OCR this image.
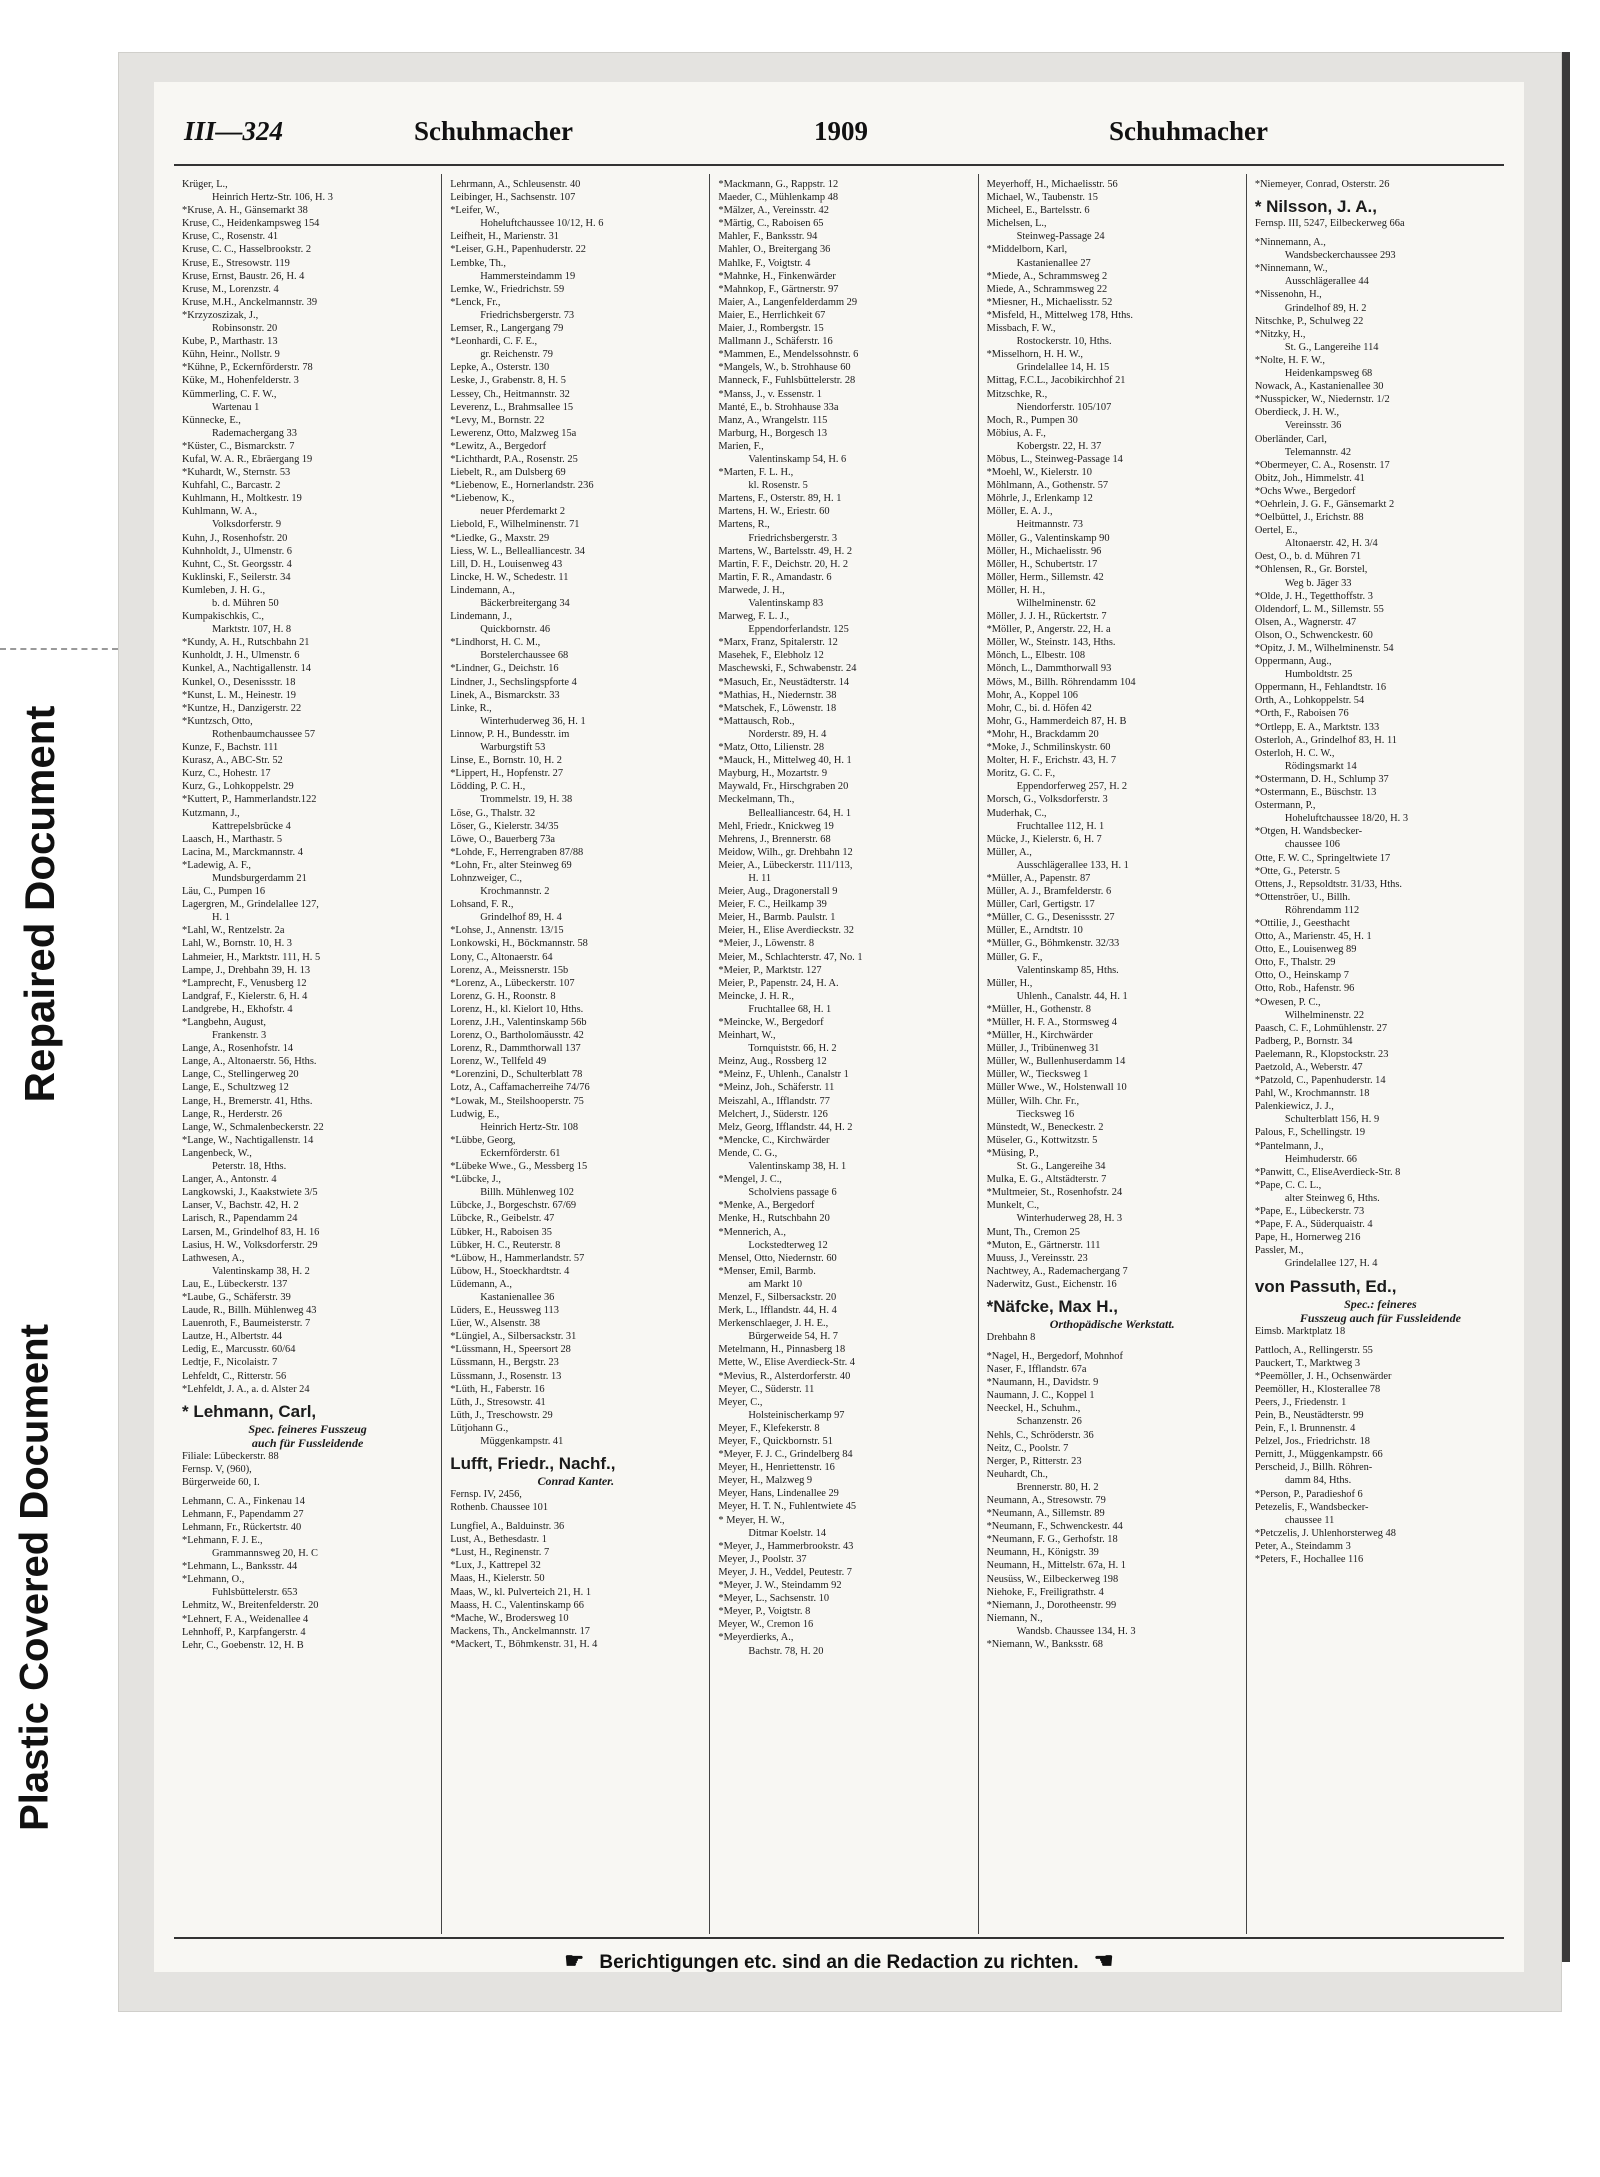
Repaired Document
Plastic Covered Document
III—324	Schuhmacher	1909	Schuhmacher
Krüger, L.,
Heinrich Hertz-Str. 106, H. 3
*Kruse, A. H., Gänsemarkt 38
Kruse, C., Heidenkampsweg 154
Kruse, C., Rosenstr. 41
Kruse, C. C., Hasselbrookstr. 2
Kruse, E., Stresowstr. 119
Kruse, Ernst, Baustr. 26, H. 4
Kruse, M., Lorenzstr. 4
Kruse, M.H., Anckelmannstr. 39
*Krzyzoszizak, J.,
Robinsonstr. 20
Kube, P., Marthastr. 13
Kühn, Heinr., Nollstr. 9
*Kühne, P., Eckernförderstr. 78
Küke, M., Hohenfelderstr. 3
Kümmerling, C. F. W.,
Wartenau 1
Künnecke, E.,
Rademachergang 33
*Küster, C., Bismarckstr. 7
Kufal, W. A. R., Ebräergang 19
*Kuhardt, W., Sternstr. 53
Kuhfahl, C., Barcastr. 2
Kuhlmann, H., Moltkestr. 19
Kuhlmann, W. A.,
Volksdorferstr. 9
Kuhn, J., Rosenhofstr. 20
Kuhnholdt, J., Ulmenstr. 6
Kuhnt, C., St. Georgsstr. 4
Kuklinski, F., Seilerstr. 34
Kumleben, J. H. G.,
b. d. Mühren 50
Kumpakischkis, C.,
Marktstr. 107, H. 8
*Kundy, A. H., Rutschbahn 21
Kunholdt, J. H., Ulmenstr. 6
Kunkel, A., Nachtigallenstr. 14
Kunkel, O., Desenissstr. 18
*Kunst, L. M., Heinestr. 19
*Kuntze, H., Danzigerstr. 22
*Kuntzsch, Otto,
Rothenbaumchaussee 57
Kunze, F., Bachstr. 111
Kurasz, A., ABC-Str. 52
Kurz, C., Hohestr. 17
Kurz, G., Lohkoppelstr. 29
*Kuttert, P., Hammerlandstr.122
Kutzmann, J.,
Kattrepelsbrücke 4
Laasch, H., Marthastr. 5
Lacina, M., Marckmannstr. 4
*Ladewig, A. F.,
Mundsburgerdamm 21
Läu, C., Pumpen 16
Lagergren, M., Grindelallee 127,
H. 1
*Lahl, W., Rentzelstr. 2a
Lahl, W., Bornstr. 10, H. 3
Lahmeier, H., Marktstr. 111, H. 5
Lampe, J., Drehbahn 39, H. 13
*Lamprecht, F., Venusberg 12
Landgraf, F., Kielerstr. 6, H. 4
Landgrebe, H., Ekhofstr. 4
*Langbehn, August,
Frankenstr. 3
Lange, A., Rosenhofstr. 14
Lange, A., Altonaerstr. 56, Hths.
Lange, C., Stellingerweg 20
Lange, E., Schultzweg 12
Lange, H., Bremerstr. 41, Hths.
Lange, R., Herderstr. 26
Lange, W., Schmalenbeckerstr. 22
*Lange, W., Nachtigallenstr. 14
Langenbeck, W.,
Peterstr. 18, Hths.
Langer, A., Antonstr. 4
Langkowski, J., Kaakstwiete 3/5
Lanser, V., Bachstr. 42, H. 2
Larisch, R., Papendamm 24
Larsen, M., Grindelhof 83, H. 16
Lasius, H. W., Volksdorferstr. 29
Lathwesen, A.,
Valentinskamp 38, H. 2
Lau, E., Lübeckerstr. 137
*Laube, G., Schäferstr. 39
Laude, R., Billh. Mühlenweg 43
Lauenroth, F., Baumeisterstr. 7
Lautze, H., Albertstr. 44
Ledig, E., Marcusstr. 60/64
Ledtje, F., Nicolaistr. 7
Lehfeldt, C., Ritterstr. 56
*Lehfeldt, J. A., a. d. Alster 24
* Lehmann, Carl,
Spec. feineres Fusszeug
auch für Fussleidende
Filiale: Lübeckerstr. 88
Fernsp. V, (960),
Bürgerweide 60, I.
Lehmann, C. A., Finkenau 14
Lehmann, F., Papendamm 27
Lehmann, Fr., Rückertstr. 40
*Lehmann, F. J. E.,
Grammannsweg 20, H. C
*Lehmann, L., Banksstr. 44
*Lehmann, O.,
Fuhlsbüttelerstr. 653
Lehmitz, W., Breitenfelderstr. 20
*Lehnert, F. A., Weidenallee 4
Lehnhoff, P., Karpfangerstr. 4
Lehr, C., Goebenstr. 12, H. B
Lehrmann, A., Schleusenstr. 40
Leibinger, H., Sachsenstr. 107
*Leifer, W.,
Hoheluftchaussee 10/12, H. 6
Leifheit, H., Marienstr. 31
*Leiser, G.H., Papenhuderstr. 22
Lembke, Th.,
Hammersteindamm 19
Lemke, W., Friedrichstr. 59
*Lenck, Fr.,
Friedrichsbergerstr. 73
Lemser, R., Langergang 79
*Leonhardi, C. F. E.,
gr. Reichenstr. 79
Lepke, A., Osterstr. 130
Leske, J., Grabenstr. 8, H. 5
Lessey, Ch., Heitmannstr. 32
Leverenz, L., Brahmsallee 15
*Levy, M., Bornstr. 22
Lewerenz, Otto, Malzweg 15a
*Lewitz, A., Bergedorf
*Lichthardt, P.A., Rosenstr. 25
Liebelt, R., am Dulsberg 69
*Liebenow, E., Hornerlandstr. 236
*Liebenow, K.,
neuer Pferdemarkt 2
Liebold, F., Wilhelminenstr. 71
*Liedke, G., Maxstr. 29
Liess, W. L., Bellealliancestr. 34
Lill, D. H., Louisenweg 43
Lincke, H. W., Schedestr. 11
Lindemann, A.,
Bäckerbreitergang 34
Lindemann, J.,
Quickbornstr. 46
*Lindhorst, H. C. M.,
Borstelerchaussee 68
*Lindner, G., Deichstr. 16
Lindner, J., Sechslingspforte 4
Linek, A., Bismarckstr. 33
Linke, R.,
Winterhuderweg 36, H. 1
Linnow, P. H., Bundesstr. im
Warburgstift 53
Linse, E., Bornstr. 10, H. 2
*Lippert, H., Hopfenstr. 27
Lödding, P. C. H.,
Trommelstr. 19, H. 38
Löse, G., Thalstr. 32
Löser, G., Kielerstr. 34/35
Löwe, O., Bauerberg 73a
*Lohde, F., Herrengraben 87/88
*Lohn, Fr., alter Steinweg 69
Lohnzweiger, C.,
Krochmannstr. 2
Lohsand, F. R.,
Grindelhof 89, H. 4
*Lohse, J., Annenstr. 13/15
Lonkowski, H., Böckmannstr. 58
Lony, C., Altonaerstr. 64
Lorenz, A., Meissnerstr. 15b
*Lorenz, A., Lübeckerstr. 107
Lorenz, G. H., Roonstr. 8
Lorenz, H., kl. Kielort 10, Hths.
Lorenz, J.H., Valentinskamp 56b
Lorenz, O., Bartholomäusstr. 42
Lorenz, R., Dammthorwall 137
Lorenz, W., Tellfeld 49
*Lorenzini, D., Schulterblatt 78
Lotz, A., Caffamacherreihe 74/76
*Lowak, M., Steilshooperstr. 75
Ludwig, E.,
Heinrich Hertz-Str. 108
*Lübbe, Georg,
Eckernförderstr. 61
*Lübeke Wwe., G., Messberg 15
*Lübcke, J.,
Billh. Mühlenweg 102
Lübcke, J., Borgeschstr. 67/69
Lübcke, R., Geibelstr. 47
Lübker, H., Raboisen 35
Lübker, H. C., Reuterstr. 8
*Lübow, H., Hammerlandstr. 57
Lübow, H., Stoeckhardtstr. 4
Lüdemann, A.,
Kastanienallee 36
Lüders, E., Heussweg 113
Lüer, W., Alsenstr. 38
*Lüngiel, A., Silbersackstr. 31
*Lüssmann, H., Speersort 28
Lüssmann, H., Bergstr. 23
Lüssmann, J., Rosenstr. 13
*Lüth, H., Faberstr. 16
Lüth, J., Stresowstr. 41
Lüth, J., Treschowstr. 29
Lütjohann G.,
Müggenkampstr. 41
Lufft, Friedr., Nachf.,
Conrad Kanter.
Fernsp. IV, 2456,
Rothenb. Chaussee 101
Lungfiel, A., Balduinstr. 36
Lust, A., Bethesdastr. 1
*Lust, H., Reginenstr. 7
*Lux, J., Kattrepel 32
Maas, H., Kielerstr. 50
Maas, W., kl. Pulverteich 21, H. 1
Maass, H. C., Valentinskamp 66
*Mache, W., Brodersweg 10
Mackens, Th., Anckelmannstr. 17
*Mackert, T., Böhmkenstr. 31, H. 4
*Mackmann, G., Rappstr. 12
Maeder, C., Mühlenkamp 48
*Mälzer, A., Vereinsstr. 42
*Märtig, C., Raboisen 65
Mahler, F., Banksstr. 94
Mahler, O., Breitergang 36
Mahlke, F., Voigtstr. 4
*Mahnke, H., Finkenwärder
*Mahnkop, F., Gärtnerstr. 97
Maier, A., Langenfelderdamm 29
Maier, E., Herrlichkeit 67
Maier, J., Rombergstr. 15
Mallmann J., Schäferstr. 16
*Mammen, E., Mendelssohnstr. 6
*Mangels, W., b. Strohhause 60
Manneck, F., Fuhlsbüttelerstr. 28
*Manss, J., v. Essenstr. 1
Manté, E., b. Strohhause 33a
Manz, A., Wrangelstr. 115
Marburg, H., Borgesch 13
Marien, F.,
Valentinskamp 54, H. 6
*Marten, F. L. H.,
kl. Rosenstr. 5
Martens, F., Osterstr. 89, H. 1
Martens, H. W., Eriestr. 60
Martens, R.,
Friedrichsbergerstr. 3
Martens, W., Bartelsstr. 49, H. 2
Martin, F. F., Deichstr. 20, H. 2
Martin, F. R., Amandastr. 6
Marwede, J. H.,
Valentinskamp 83
Marweg, F. L. J.,
Eppendorferlandstr. 125
*Marx, Franz, Spitalerstr. 12
Masehek, F., Elebholz 12
Maschewski, F., Schwabenstr. 24
*Masuch, Er., Neustädterstr. 14
*Mathias, H., Niedernstr. 38
*Matschek, F., Löwenstr. 18
*Mattausch, Rob.,
Norderstr. 89, H. 4
*Matz, Otto, Lilienstr. 28
*Mauck, H., Mittelweg 40, H. 1
Mayburg, H., Mozartstr. 9
Maywald, Fr., Hirschgraben 20
Meckelmann, Th.,
Bellealliancestr. 64, H. 1
Mehl, Friedr., Knickweg 19
Mehrens, J., Brennerstr. 68
Meidow, Wilh., gr. Drehbahn 12
Meier, A., Lübeckerstr. 111/113,
H. 11
Meier, Aug., Dragonerstall 9
Meier, F. C., Heilkamp 39
Meier, H., Barmb. Paulstr. 1
Meier, H., Elise Averdieckstr. 32
*Meier, J., Löwenstr. 8
Meier, M., Schlachterstr. 47, No. 1
*Meier, P., Marktstr. 127
Meier, P., Papenstr. 24, H. A.
Meincke, J. H. R.,
Fruchtallee 68, H. 1
*Meincke, W., Bergedorf
Meinhart, W.,
Tornquiststr. 66, H. 2
Meinz, Aug., Rossberg 12
*Meinz, F., Uhlenh., Canalstr 1
*Meinz, Joh., Schäferstr. 11
Meiszahl, A., Ifflandstr. 77
Melchert, J., Süderstr. 126
Melz, Georg, Ifflandstr. 44, H. 2
*Mencke, C., Kirchwärder
Mende, C. G.,
Valentinskamp 38, H. 1
*Mengel, J. C.,
Scholviens passage 6
*Menke, A., Bergedorf
Menke, H., Rutschbahn 20
*Mennerich, A.,
Lockstedterweg 12
Mensel, Otto, Niedernstr. 60
*Menser, Emil, Barmb.
am Markt 10
Menzel, F., Silbersackstr. 20
Merk, L., Ifflandstr. 44, H. 4
Merkenschlaeger, J. H. E.,
Bürgerweide 54, H. 7
Metelmann, H., Pinnasberg 18
Mette, W., Elise Averdieck-Str. 4
*Mevius, R., Alsterdorferstr. 40
Meyer, C., Süderstr. 11
Meyer, C.,
Holsteinischerkamp 97
Meyer, F., Klefekerstr. 8
Meyer, F., Quickbornstr. 51
*Meyer, F. J. C., Grindelberg 84
Meyer, H., Henriettenstr. 16
Meyer, H., Malzweg 9
Meyer, Hans, Lindenallee 29
Meyer, H. T. N., Fuhlentwiete 45
* Meyer, H. W.,
Ditmar Koelstr. 14
*Meyer, J., Hammerbrookstr. 43
Meyer, J., Poolstr. 37
Meyer, J. H., Veddel, Peutestr. 7
*Meyer, J. W., Steindamm 92
*Meyer, L., Sachsenstr. 10
*Meyer, P., Voigtstr. 8
Meyer, W., Cremon 16
*Meyerdierks, A.,
Bachstr. 78, H. 20
Meyerhoff, H., Michaelisstr. 56
Michael, W., Taubenstr. 15
Micheel, E., Bartelsstr. 6
Michelsen, L.,
Steinweg-Passage 24
*Middelborn, Karl,
Kastanienallee 27
*Miede, A., Schrammsweg 2
Miede, A., Schrammsweg 22
*Miesner, H., Michaelisstr. 52
*Misfeld, H., Mittelweg 178, Hths.
Missbach, F. W.,
Rostockerstr. 10, Hths.
*Misselhorn, H. H. W.,
Grindelallee 14, H. 15
Mittag, F.C.L., Jacobikirchhof 21
Mitzschke, R.,
Niendorferstr. 105/107
Moch, R., Pumpen 30
Möbius, A. F.,
Kobergstr. 22, H. 37
Möbus, L., Steinweg-Passage 14
*Moehl, W., Kielerstr. 10
Möhlmann, A., Gothenstr. 57
Möhrle, J., Erlenkamp 12
Möller, E. A. J.,
Heitmannstr. 73
Möller, G., Valentinskamp 90
Möller, H., Michaelisstr. 96
Möller, H., Schubertstr. 17
Möller, Herm., Sillemstr. 42
Möller, H. H.,
Wilhelminenstr. 62
Möller, J. J. H., Rückertstr. 7
*Möller, P., Angerstr. 22, H. a
Möller, W., Steinstr. 143, Hths.
Mönch, L., Elbestr. 108
Mönch, L., Dammthorwall 93
Möws, M., Billh. Röhrendamm 104
Mohr, A., Koppel 106
Mohr, C., bi. d. Höfen 42
Mohr, G., Hammerdeich 87, H. B
*Mohr, H., Brackdamm 20
*Moke, J., Schmilinskystr. 60
Molter, H. F., Erichstr. 43, H. 7
Moritz, G. C. F.,
Eppendorferweg 257, H. 2
Morsch, G., Volksdorferstr. 3
Muderhak, C.,
Fruchtallee 112, H. 1
Mücke, J., Kielerstr. 6, H. 7
Müller, A.,
Ausschlägerallee 133, H. 1
*Müller, A., Papenstr. 87
Müller, A. J., Bramfelderstr. 6
Müller, Carl, Gertigstr. 17
*Müller, C. G., Desenissstr. 27
Müller, E., Arndtstr. 10
*Müller, G., Böhmkenstr. 32/33
Müller, G. F.,
Valentinskamp 85, Hths.
Müller, H.,
Uhlenh., Canalstr. 44, H. 1
*Müller, H., Gothenstr. 8
*Müller, H. F. A., Stormsweg 4
*Müller, H., Kirchwärder
Müller, J., Tribünenweg 31
Müller, W., Bullenhuserdamm 14
Müller, W., Tiecksweg 1
Müller Wwe., W., Holstenwall 10
Müller, Wilh. Chr. Fr.,
Tiecksweg 16
Münstedt, W., Beneckestr. 2
Müseler, G., Kottwitzstr. 5
*Müsing, P.,
St. G., Langereihe 34
Mulka, E. G., Altstädterstr. 7
*Multmeier, St., Rosenhofstr. 24
Munkelt, C.,
Winterhuderweg 28, H. 3
Munt, Th., Cremon 25
*Muton, E., Gärtnerstr. 111
Muuss, J., Vereinsstr. 23
Nachtwey, A., Rademachergang 7
Naderwitz, Gust., Eichenstr. 16
*Näfcke, Max H.,
Orthopädische Werkstatt.
Drehbahn 8
*Nagel, H., Bergedorf, Mohnhof
Naser, F., Ifflandstr. 67a
*Naumann, H., Davidstr. 9
Naumann, J. C., Koppel 1
Neeckel, H., Schuhm.,
Schanzenstr. 26
Nehls, C., Schröderstr. 36
Neitz, C., Poolstr. 7
Nerger, P., Ritterstr. 23
Neuhardt, Ch.,
Brennerstr. 80, H. 2
Neumann, A., Stresowstr. 79
*Neumann, A., Sillemstr. 89
*Neumann, F., Schwenckestr. 44
*Neumann, F. G., Gerhofstr. 18
Neumann, H., Königstr. 39
Neumann, H., Mittelstr. 67a, H. 1
Neusüss, W., Eilbeckerweg 198
Niehoke, F., Freiligrathstr. 4
*Niemann, J., Dorotheenstr. 99
Niemann, N.,
Wandsb. Chaussee 134, H. 3
*Niemann, W., Banksstr. 68
*Niemeyer, Conrad, Osterstr. 26
* Nilsson, J. A.,
Fernsp. III, 5247, Eilbeckerweg 66a
*Ninnemann, A.,
Wandsbeckerchaussee 293
*Ninnemann, W.,
Ausschlägerallee 44
*Nissenohn, H.,
Grindelhof 89, H. 2
Nitschke, P., Schulweg 22
*Nitzky, H.,
St. G., Langereihe 114
*Nolte, H. F. W.,
Heidenkampsweg 68
Nowack, A., Kastanienallee 30
*Nusspicker, W., Niedernstr. 1/2
Oberdieck, J. H. W.,
Vereinsstr. 36
Oberländer, Carl,
Telemannstr. 42
*Obermeyer, C. A., Rosenstr. 17
Obitz, Joh., Himmelstr. 41
*Ochs Wwe., Bergedorf
*Oehrlein, J. G. F., Gänsemarkt 2
*Oelbüttel, J., Erichstr. 88
Oertel, E.,
Altonaerstr. 42, H. 3/4
Oest, O., b. d. Mühren 71
*Ohlensen, R., Gr. Borstel,
Weg b. Jäger 33
*Olde, J. H., Tegetthoffstr. 3
Oldendorf, L. M., Sillemstr. 55
Olsen, A., Wagnerstr. 47
Olson, O., Schwenckestr. 60
*Opitz, J. M., Wilhelminenstr. 54
Oppermann, Aug.,
Humboldtstr. 25
Oppermann, H., Fehlandtstr. 16
Orth, A., Lohkoppelstr. 54
*Orth, F., Raboisen 76
*Ortlepp, E. A., Marktstr. 133
Osterloh, A., Grindelhof 83, H. 11
Osterloh, H. C. W.,
Rödingsmarkt 14
*Ostermann, D. H., Schlump 37
*Ostermann, E., Büschstr. 13
Ostermann, P.,
Hoheluftchaussee 18/20, H. 3
*Otgen, H. Wandsbecker-
chaussee 106
Otte, F. W. C., Springeltwiete 17
*Otte, G., Peterstr. 5
Ottens, J., Repsoldtstr. 31/33, Hths.
*Ottenströer, U., Billh.
Röhrendamm 112
*Ottilie, J., Geesthacht
Otto, A., Marienstr. 45, H. 1
Otto, E., Louisenweg 89
Otto, F., Thalstr. 29
Otto, O., Heinskamp 7
Otto, Rob., Hafenstr. 96
*Owesen, P. C.,
Wilhelminenstr. 22
Paasch, C. F., Lohmühlenstr. 27
Padberg, P., Bornstr. 34
Paelemann, R., Klopstockstr. 23
Paetzold, A., Weberstr. 47
*Patzold, C., Papenhuderstr. 14
Pahl, W., Krochmannstr. 18
Palenkiewicz, J. J.,
Schulterblatt 156, H. 9
Palous, F., Schellingstr. 19
*Pantelmann, J.,
Heimhuderstr. 66
*Panwitt, C., EliseAverdieck-Str. 8
*Pape, C. C. L.,
alter Steinweg 6, Hths.
*Pape, E., Lübeckerstr. 73
*Pape, F. A., Süderquaistr. 4
Pape, H., Hornerweg 216
Passler, M.,
Grindelallee 127, H. 4
von Passuth, Ed.,
Spec.: feineres
Fusszeug auch für Fussleidende
Eimsb. Marktplatz 18
Pattloch, A., Rellingerstr. 55
Pauckert, T., Marktweg 3
*Peemöller, J. H., Ochsenwärder
Peemöller, H., Klosterallee 78
Peers, J., Friedenstr. 1
Pein, B., Neustädterstr. 99
Pein, F., l. Brunnenstr. 4
Pelzel, Jos., Friedrichstr. 18
Pernitt, J., Müggenkampstr. 66
Perscheid, J., Billh. Röhren-
damm 84, Hths.
*Person, P., Paradieshof 6
Petezelis, F., Wandsbecker-
chaussee 11
*Petczelis, J. Uhlenhorsterweg 48
Peter, A., Steindamm 3
*Peters, F., Hochallee 116
☛ Berichtigungen etc. sind an die Redaction zu richten. ☚
